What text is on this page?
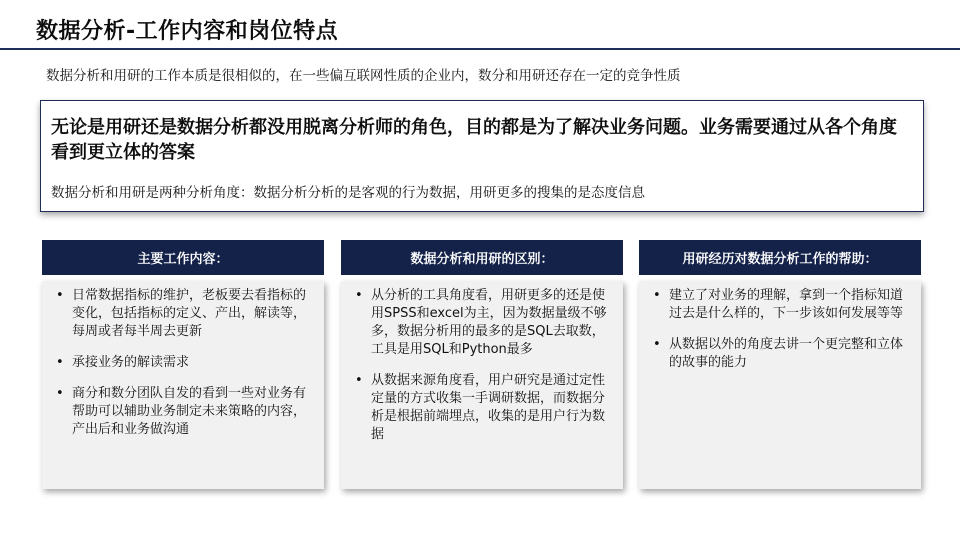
数据分析-工作内容和岗位特点
数据分析和用研的工作本质是很相似的，在一些偏互联网性质的企业内，数分和用研还存在一定的竞争性质
无论是用研还是数据分析都没用脱离分析师的角色，目的都是为了解决业务问题。业务需要通过从各个角度看到更立体的答案
数据分析和用研是两种分析角度：数据分析分析的是客观的行为数据，用研更多的搜集的是态度信息
主要工作内容：
• 日常数据指标的维护，老板要去看指标的变化，包括指标的定义、产出，解读等，每周或者每半周去更新
• 承接业务的解读需求
• 商分和数分团队自发的看到一些对业务有帮助可以辅助业务制定未来策略的内容，产出后和业务做沟通
数据分析和用研的区别：
• 从分析的工具角度看，用研更多的还是使用SPSS和excel为主，因为数据量级不够多，数据分析用的最多的是SQL去取数，工具是用SQL和Python最多
• 从数据来源角度看，用户研究是通过定性定量的方式收集一手调研数据，而数据分析是根据前端埋点，收集的是用户行为数据
用研经历对数据分析工作的帮助：
• 建立了对业务的理解，拿到一个指标知道过去是什么样的，下一步该如何发展等等
• 从数据以外的角度去讲一个更完整和立体的故事的能力
